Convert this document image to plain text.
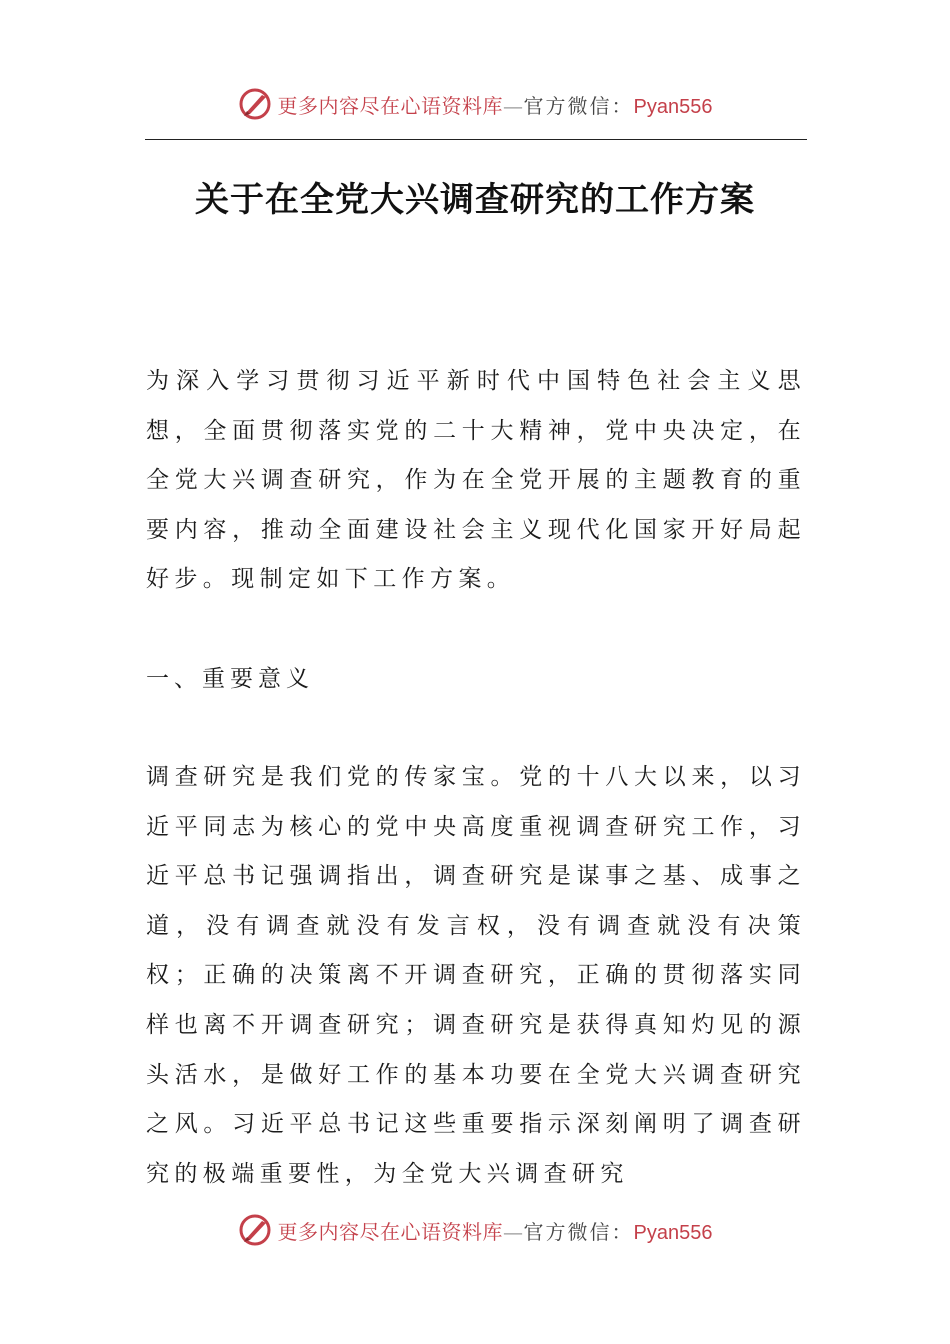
更多内容尽在心语资料库—官方微信：Pyan556
关于在全党大兴调查研究的工作方案

为深入学习贯彻习近平新时代中国特色社会主义思想，全面贯彻落实党的二十大精神，党中央决定，在全党大兴调查研究，作为在全党开展的主题教育的重要内容，推动全面建设社会主义现代化国家开好局起好步。现制定如下工作方案。

一、重要意义

调查研究是我们党的传家宝。党的十八大以来，以习近平同志为核心的党中央高度重视调查研究工作，习近平总书记强调指出，调查研究是谋事之基、成事之道，没有调查就没有发言权，没有调查就没有决策权；正确的决策离不开调查研究，正确的贯彻落实同样也离不开调查研究；调查研究是获得真知灼见的源头活水，是做好工作的基本功要在全党大兴调查研究之风。习近平总书记这些重要指示深刻阐明了调查研究的极端重要性，为全党大兴调查研究

更多内容尽在心语资料库—官方微信：Pyan556
